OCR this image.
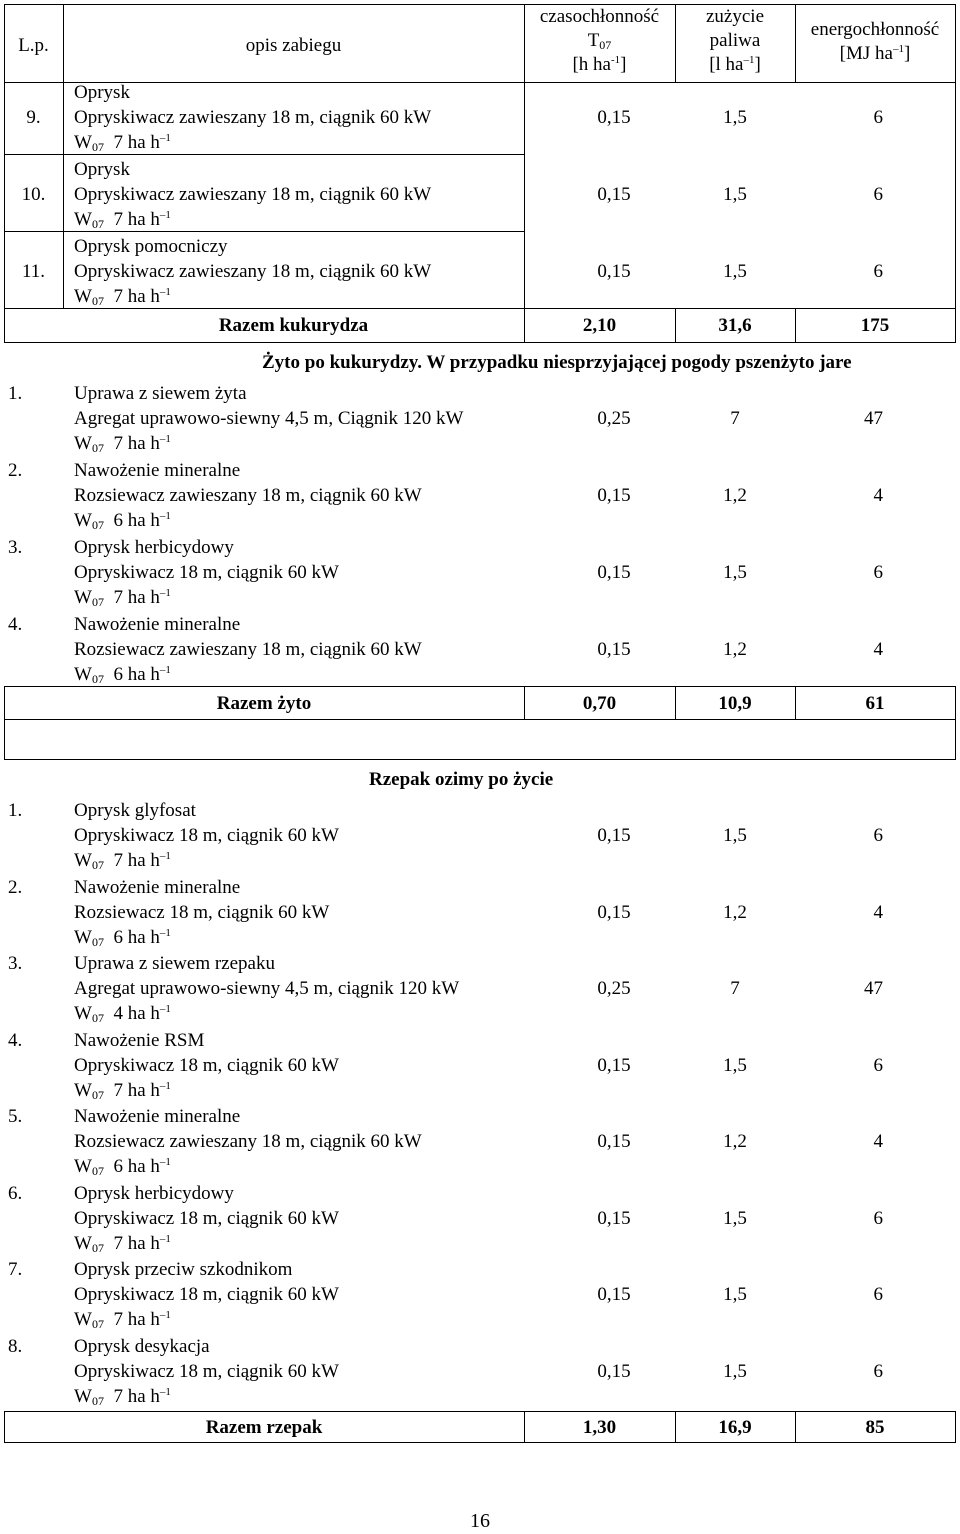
L.p.	opis zabiegu
czasochłonność
$T_{07}$
[h $ha^{-1}$]
zużycie
paliwa
[l $ha^{-1}$]
energochłonność
[MJ $ha^{-1}$]
9.
Oprysk
Opryskiwacz zawieszany 18 m, ciągnik 60 kW
$W_{07}$ 7 ha $h^{-1}$
0,15	1,5	6
10.
Oprysk
Opryskiwacz zawieszany 18 m, ciągnik 60 kW
$W_{07}$ 7 ha $h^{-1}$
0,15	1,5	6
11.
Oprysk pomocniczy
Opryskiwacz zawieszany 18 m, ciągnik 60 kW
$W_{07}$ 7 ha $h^{-1}$
0,15	1,5	6
Razem kukurydza	2,10	31,6	175
Żyto po kukurydzy. W przypadku niesprzyjającej pogody pszenżyto jare
1.	Uprawa z siewem żyta
Agregat uprawowo-siewny 4,5 m, Ciągnik 120 kW
$W_{07}$ 7 ha $h^{-1}$
0,25	7	47
2.	Nawożenie mineralne
Rozsiewacz zawieszany 18 m, ciągnik 60 kW
$W_{07}$ 6 ha $h^{-1}$
0,15	1,2	4
3.	Oprysk herbicydowy
Opryskiwacz 18 m, ciągnik 60 kW
$W_{07}$ 7 ha $h^{-1}$
0,15	1,5	6
4.	Nawożenie mineralne
Rozsiewacz zawieszany 18 m, ciągnik 60 kW
$W_{07}$ 6 ha $h^{-1}$
0,15	1,2	4
Razem żyto	0,70	10,9	61
Rzepak ozimy po życie
1.	Oprysk glyfosat
Opryskiwacz 18 m, ciągnik 60 kW
$W_{07}$ 7 ha $h^{-1}$
0,15	1,5	6
2.	Nawożenie mineralne
Rozsiewacz 18 m, ciągnik 60 kW
$W_{07}$ 6 ha $h^{-1}$
0,15	1,2	4
3.	Uprawa z siewem rzepaku
Agregat uprawowo-siewny 4,5 m, ciągnik 120 kW
$W_{07}$ 4 ha $h^{-1}$
0,25	7	47
4.	Nawożenie RSM
Opryskiwacz 18 m, ciągnik 60 kW
$W_{07}$ 7 ha $h^{-1}$
0,15	1,5	6
5.	Nawożenie mineralne
Rozsiewacz zawieszany 18 m, ciągnik 60 kW
$W_{07}$ 6 ha $h^{-1}$
0,15	1,2	4
6.	Oprysk herbicydowy
Opryskiwacz 18 m, ciągnik 60 kW
$W_{07}$ 7 ha $h^{-1}$
0,15	1,5	6
7.	Oprysk przeciw szkodnikom
Opryskiwacz 18 m, ciągnik 60 kW
$W_{07}$ 7 ha $h^{-1}$
0,15	1,5	6
8.	Oprysk desykacja
Opryskiwacz 18 m, ciągnik 60 kW
$W_{07}$ 7 ha $h^{-1}$
0,15	1,5	6
Razem rzepak	1,30	16,9	85
16
